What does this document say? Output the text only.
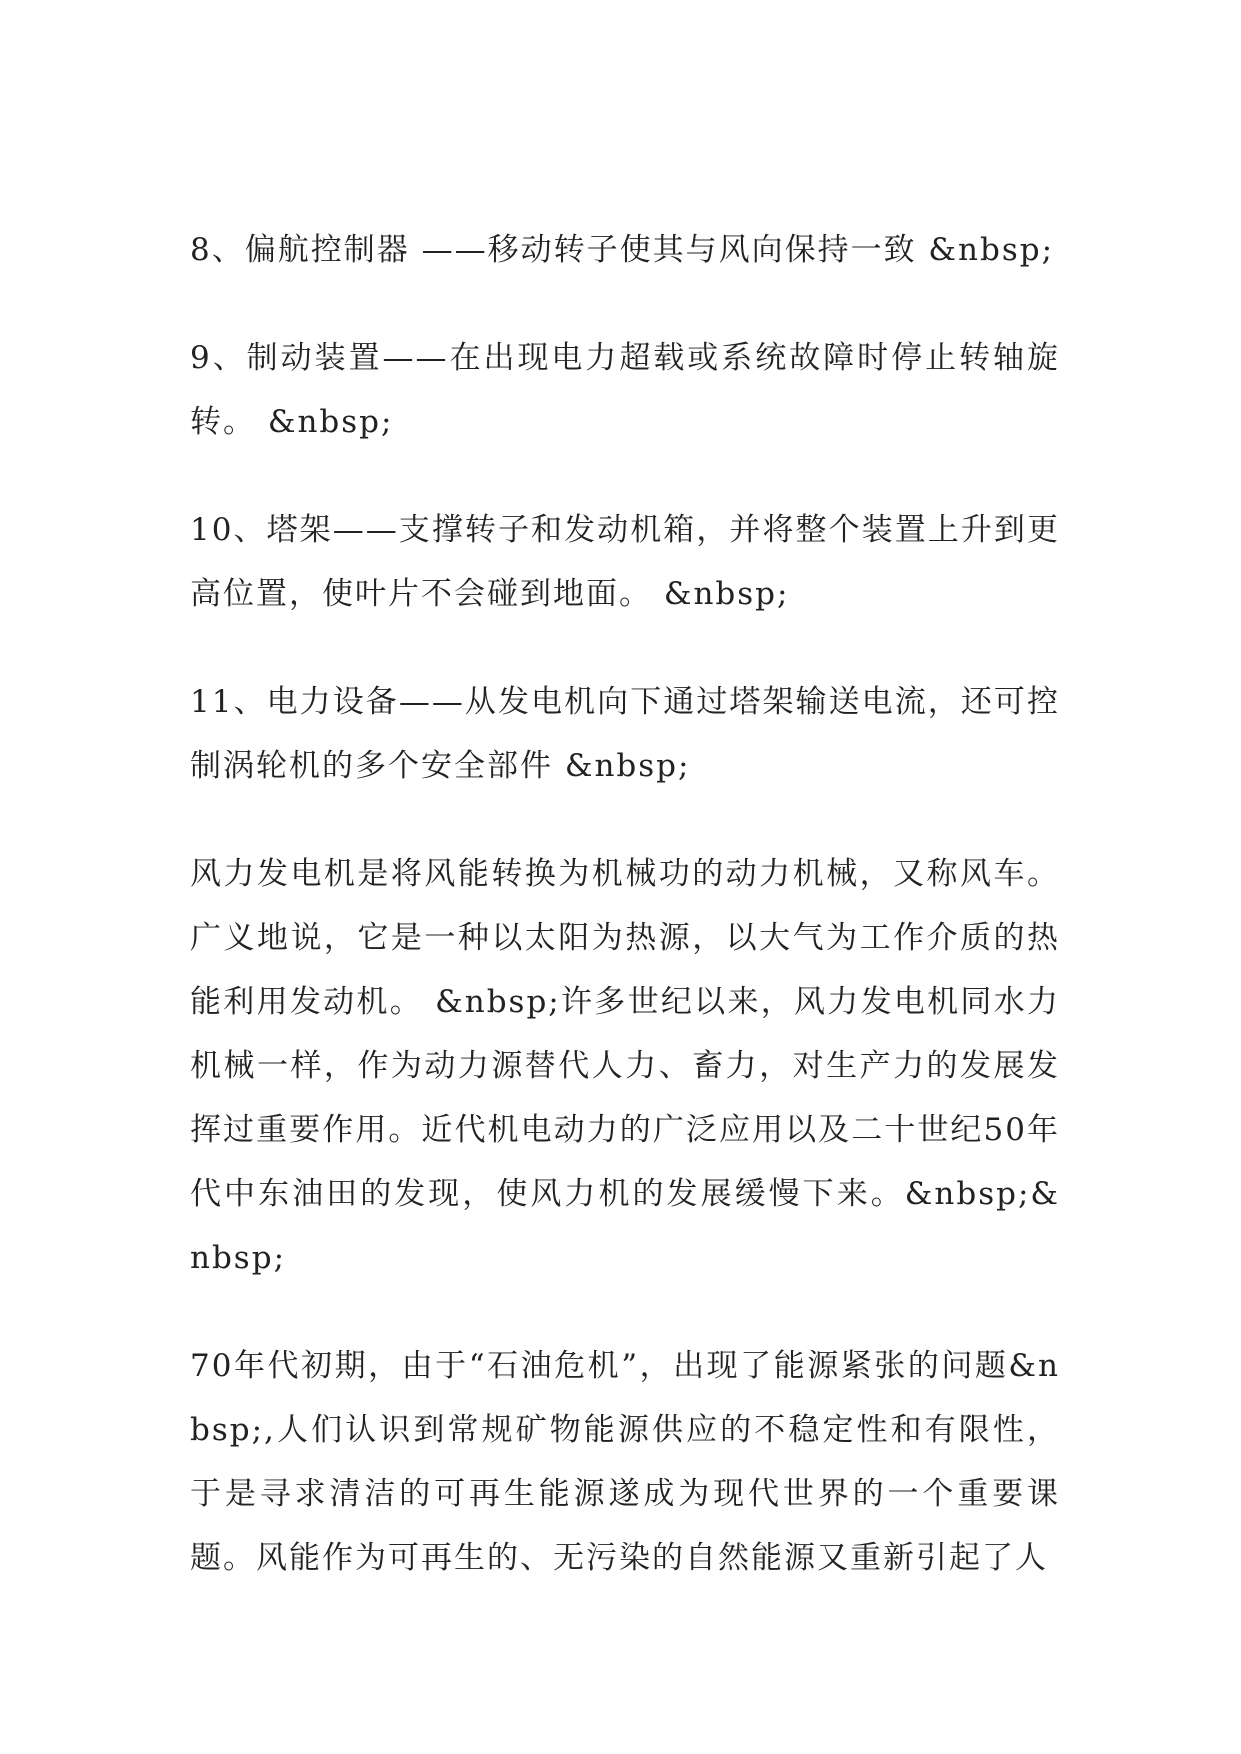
8、偏航控制器 ——移动转子使其与风向保持一致 &nbsp;

9、制动装置——在出现电力超载或系统故障时停止转轴旋转。 &nbsp;

10、塔架——支撑转子和发动机箱，并将整个装置上升到更高位置，使叶片不会碰到地面。 &nbsp;

11、电力设备——从发电机向下通过塔架输送电流，还可控制涡轮机的多个安全部件 &nbsp;

风力发电机是将风能转换为机械功的动力机械，又称风车。广义地说，它是一种以太阳为热源，以大气为工作介质的热能利用发动机。 &nbsp;许多世纪以来，风力发电机同水力机械一样，作为动力源替代人力、畜力，对生产力的发展发挥过重要作用。近代机电动力的广泛应用以及二十世纪50年代中东油田的发现，使风力机的发展缓慢下来。&nbsp;&nbsp;

70年代初期，由于“石油危机”，出现了能源紧张的问题&nbsp;,人们认识到常规矿物能源供应的不稳定性和有限性，于是寻求清洁的可再生能源遂成为现代世界的一个重要课题。风能作为可再生的、无污染的自然能源又重新引起了人
